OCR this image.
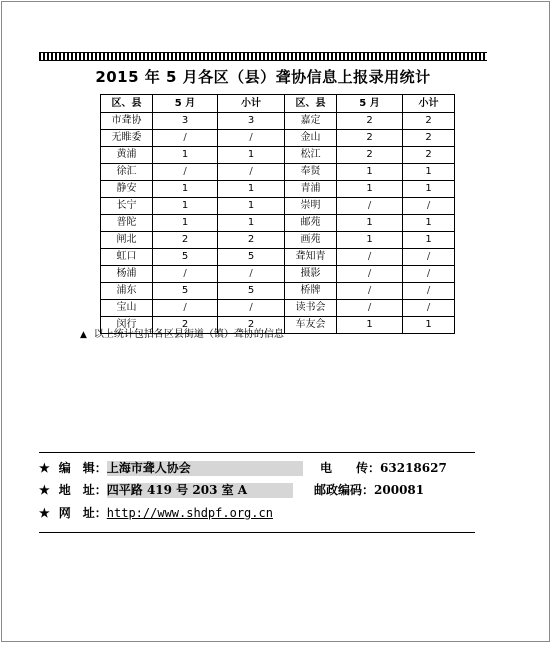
2015 年 5 月各区（县）聋协信息上报录用统计
区、县	5 月	小计	区、县	5 月	小计
市聋协	3	3	嘉定	2	2
无睢委	/	/	金山	2	2
黄浦	1	1	松江	2	2
徐汇	/	/	奉贤	1	1
静安	1	1	青浦	1	1
长宁	1	1	崇明	/	/
普陀	1	1	邮苑	1	1
闸北	2	2	画苑	1	1
虹口	5	5	聋知青	/	/
杨浦	/	/	摄影	/	/
浦东	5	5	桥牌	/	/
宝山	/	/	读书会	/	/
闵行	2	2	车友会	1	1
▲ 以上统计包括各区县街道（镇）聋协的信息
★ 编　辑：上海市聋人协会	电　　传：63218627
★ 地　址：四平路 419 号 203 室 A	邮政编码：200081
★ 网　址：http://www.shdpf.org.cn
